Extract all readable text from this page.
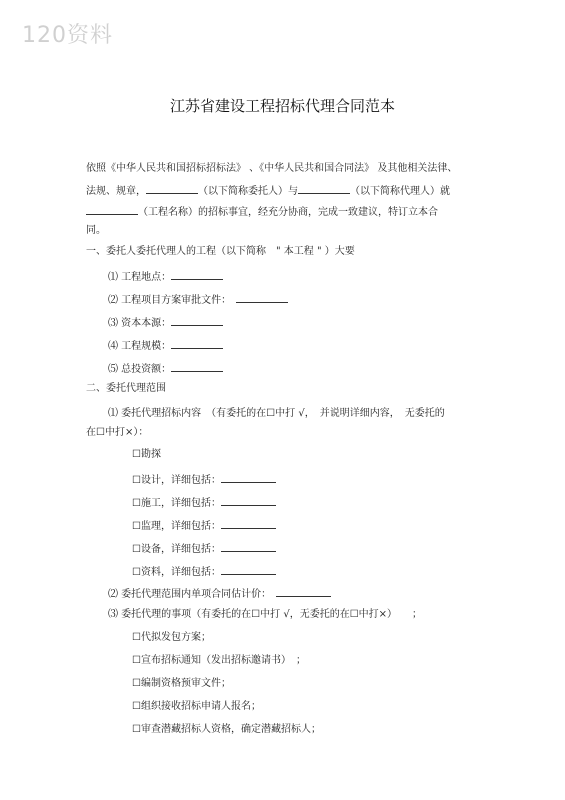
120资料
江苏省建设工程招标代理合同范本
依照《中华人民共和国招标招标法》 、《中华人民共和国合同法》 及其他相关法律、
法规、规章，	（以下简称委托人）与	（以下简称代理人）就
（工程名称）的招标事宜，经充分协商，完成一致建议，特订立本合
同。
一、委托人委托代理人的工程（以下简称　" 本工程 " ）大要
⑴ 工程地点：
⑵ 工程项目方案审批文件：　
⑶ 资本本源：
⑷ 工程规模：
⑸ 总投资额：
二、委托代理范围
⑴ 委托代理招标内容　（有委托的在☐中打 √，　并说明详细内容，　无委托的
在☐中打×）：
☐勘探
☐设计，详细包括：
☐施工，详细包括：
☐监理，详细包括：
☐设备，详细包括：
☐资料，详细包括：
⑵ 委托代理范围内单项合同估计价：　
⑶ 委托代理的事项（有委托的在☐中打 √，无委托的在☐中打×）　　；
☐代拟发包方案；
☐宣布招标通知（发出招标邀请书）　；
☐编制资格预审文件；
☐组织接收招标申请人报名；
☐审查潜藏招标人资格，确定潜藏招标人；
